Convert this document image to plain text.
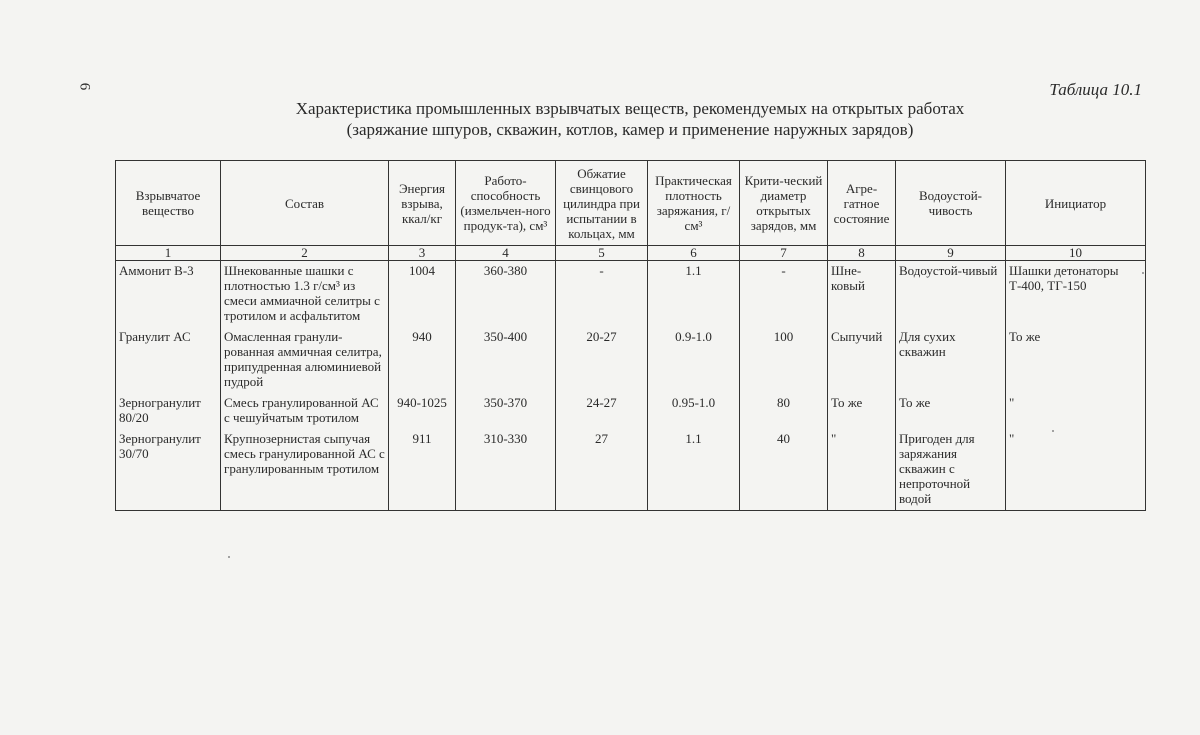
6	Таблица 10.1
Характеристика промышленных взрывчатых веществ, рекомендуемых на открытых работах
(заряжание шпуров, скважин, котлов, камер и применение наружных зарядов)
Взрывчатое вещество	Состав	Энергия взрыва, ккал/кг	Работо-способность (измельчен-ного продук-та), см³	Обжатие свинцового цилиндра при испытании в кольцах, мм	Практическая плотность заряжания, г/см³	Крити-ческий диаметр открытых зарядов, мм	Агре-гатное состояние	Водоустой-чивость	Инициатор
1	2	3	4	5	6	7	8	9	10
Аммонит В-3	Шнекованные шашки с плотностью 1.3 г/см³ из смеси аммиачной селитры с тротилом и асфальтитом	1004	360-380	-	1.1	-	Шне-ковый	Водоустой-чивый	Шашки детонаторы Т-400, ТГ-150
Гранулит АС	Омасленная гранули-рованная аммичная селитра, припудренная алюминиевой пудрой	940	350-400	20-27	0.9-1.0	100	Сыпучий	Для сухих скважин	То же
Зерногранулит 80/20	Смесь гранулированной АС с чешуйчатым тротилом	940-1025	350-370	24-27	0.95-1.0	80	То же	То же	"
Зерногранулит 30/70	Крупнозернистая сыпучая смесь гранулированной АС с гранулированным тротилом	911	310-330	27	1.1	40	"	Пригоден для заряжания скважин с непроточной водой	"
